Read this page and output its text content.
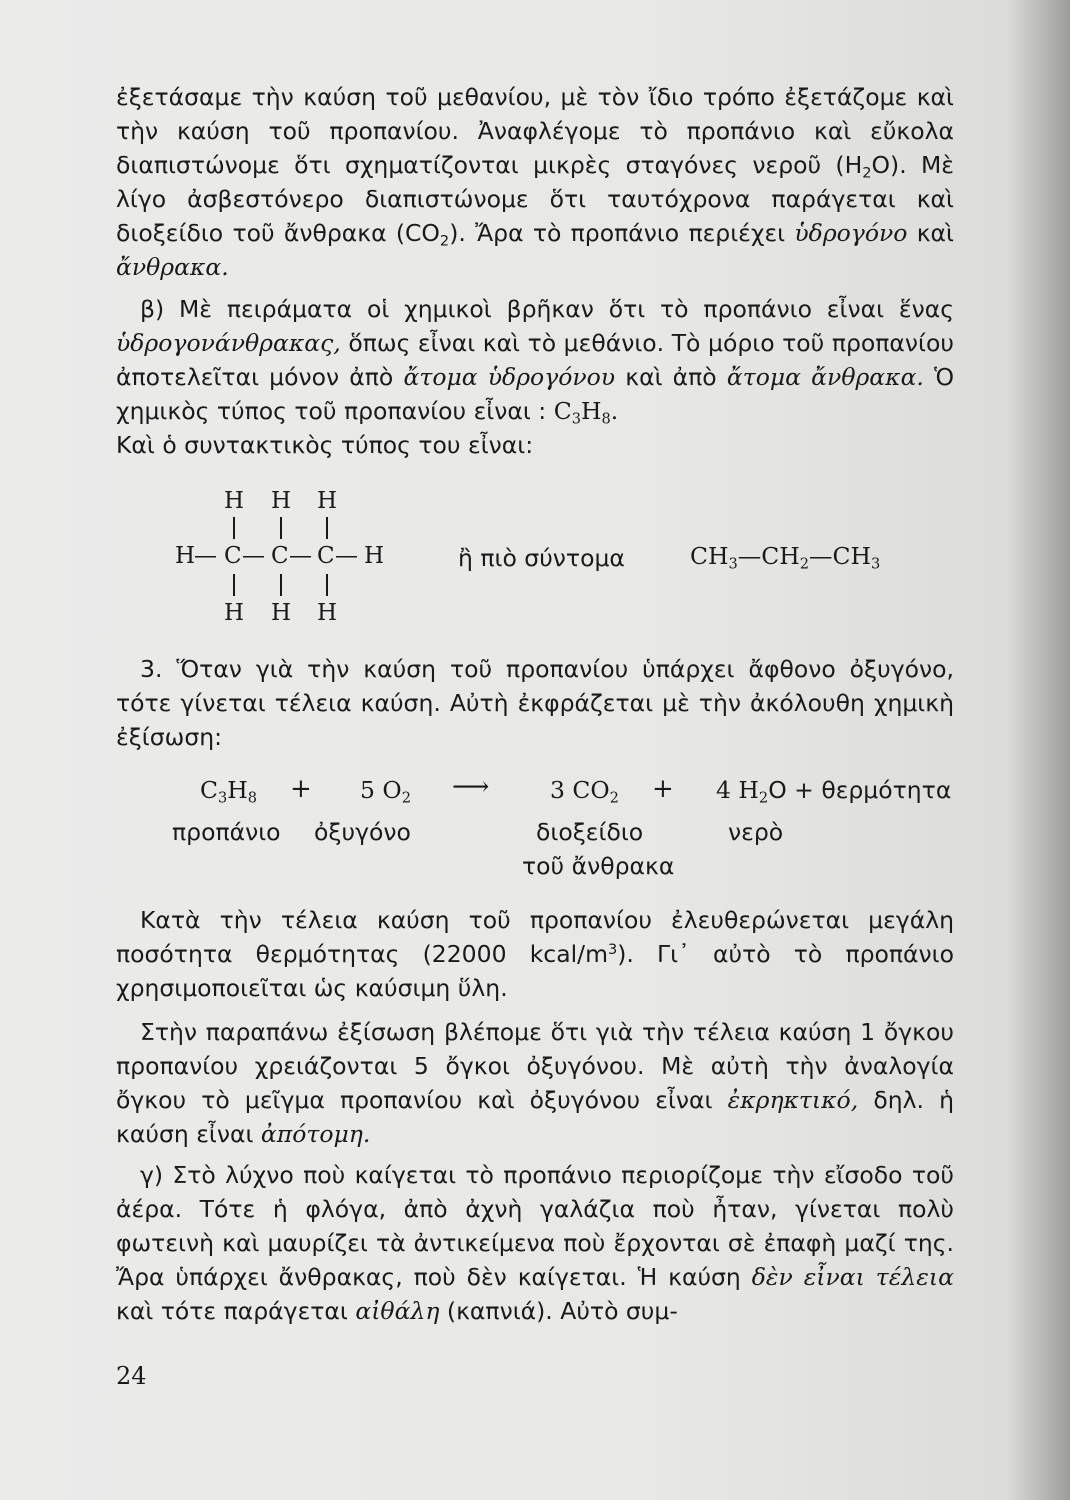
ἐξετάσαμε τὴν καύση τοῦ μεθανίου, μὲ τὸν ἴδιο τρόπο ἐξετάζομε καὶ τὴν καύση τοῦ προπανίου. Ἀναφλέγομε τὸ προπάνιο καὶ εὔκολα διαπιστώνομε ὅτι σχηματίζονται μικρὲς σταγόνες νεροῦ $(H_2O)$. Μὲ λίγο ἀσβεστόνερο διαπιστώνομε ὅτι ταυτόχρονα παράγεται καὶ διοξείδιο τοῦ ἄνθρακα $(CO_2)$. Ἄρα τὸ προπάνιο περιέχει ὑδρογόνο καὶ ἄνθρακα.

β) Μὲ πειράματα οἱ χημικοὶ βρῆκαν ὅτι τὸ προπάνιο εἶναι ἕνας ὑδρογονάνθρακας, ὅπως εἶναι καὶ τὸ μεθάνιο. Τὸ μόριο τοῦ προπανίου ἀποτελεῖται μόνον ἀπὸ ἄτομα ὑδρογόνου καὶ ἀπὸ ἄτομα ἄνθρακα. Ὁ χημικὸς τύπος τοῦ προπανίου εἶναι : $C_3H_8$.

Καὶ ὁ συντακτικὸς τύπος του εἶναι:

H H H
H
— C — C — C — H
H H H
ἢ πιὸ σύντομα	$CH_3—CH_2—CH_3$

3. Ὅταν γιὰ τὴν καύση τοῦ προπανίου ὑπάρχει ἄφθονο ὀξυγόνο, τότε γίνεται τέλεια καύση. Αὐτὴ ἐκφράζεται μὲ τὴν ἀκόλουθη χημικὴ ἐξίσωση:

$C_3H_8 + 5$ $O_2$ ⟶	3 $CO_2 + 4$ $H_2O + \theta\varepsilon\rho\mu ό\tau\eta\tau\alpha$
προπάνιο ὀξυγόνο	διοξείδιο
τοῦ ἄνθρακα
νερὸ

Κατὰ τὴν τέλεια καύση τοῦ προπανίου ἐλευθερώνεται μεγάλη ποσότητα θερμότητας (22000 kcal/$m^3$). Γι᾽ αὐτὸ τὸ προπάνιο χρησιμοποιεῖται ὡς καύσιμη ὕλη.

Στὴν παραπάνω ἐξίσωση βλέπομε ὅτι γιὰ τὴν τέλεια καύση 1 ὄγκου προπανίου χρειάζονται 5 ὄγκοι ὀξυγόνου. Μὲ αὐτὴ τὴν ἀναλογία ὄγκου τὸ μεῖγμα προπανίου καὶ ὀξυγόνου εἶναι ἐκρηκτικό, δηλ. ἡ καύση εἶναι ἀπότομη.

γ) Στὸ λύχνο ποὺ καίγεται τὸ προπάνιο περιορίζομε τὴν εἴσοδο τοῦ ἀέρα. Τότε ἡ φλόγα, ἀπὸ ἀχνὴ γαλάζια ποὺ ἦταν, γίνεται πολὺ φωτεινὴ καὶ μαυρίζει τὰ ἀντικείμενα ποὺ ἔρχονται σὲ ἐπαφὴ μαζί της. Ἄρα ὑπάρχει ἄνθρακας, ποὺ δὲν καίγεται. Ἡ καύση δὲν εἶναι τέλεια καὶ τότε παράγεται αἰθάλη (καπνιά). Αὐτὸ συμ-

24
